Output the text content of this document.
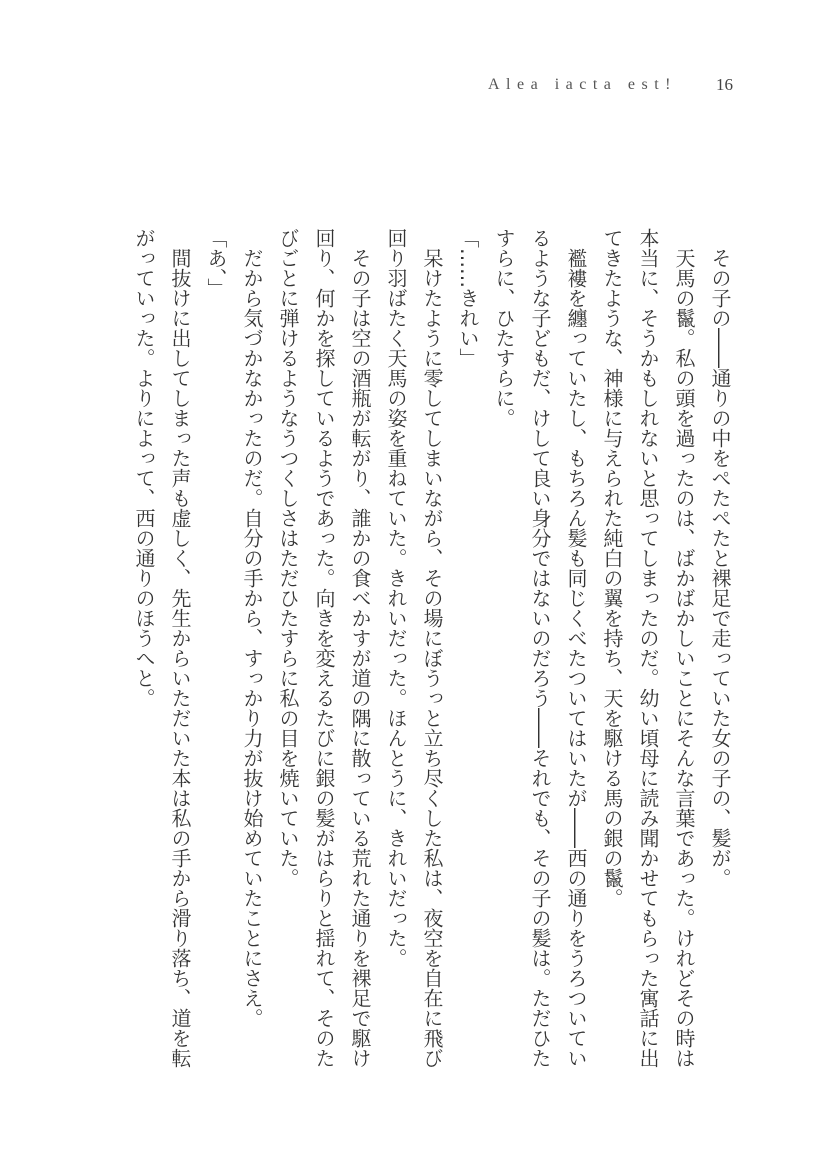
Alea iacta est! 16
その子の――通りの中をぺたぺたと裸足で走っていた女の子の、髪が。
天馬の鬣。私の頭を過ったのは、ばかばかしいことにそんな言葉であった。けれどその時は
本当に、そうかもしれないと思ってしまったのだ。幼い頃母に読み聞かせてもらった寓話に出
てきたような、神様に与えられた純白の翼を持ち、天を駆ける馬の銀の鬣。
襤褸を纏っていたし、もちろん髪も同じくべたついてはいたが――西の通りをうろついてい
るような子どもだ、けして良い身分ではないのだろう――それでも、その子の髪は。ただひた
すらに、ひたすらに。
「……きれい」
呆けたように零してしまいながら、その場にぼうっと立ち尽くした私は、夜空を自在に飛び
回り羽ばたく天馬の姿を重ねていた。きれいだった。ほんとうに、きれいだった。
その子は空の酒瓶が転がり、誰かの食べかすが道の隅に散っている荒れた通りを裸足で駆け
回り、何かを探しているようであった。向きを変えるたびに銀の髪がはらりと揺れて、そのた
びごとに弾けるようなうつくしさはただひたすらに私の目を焼いていた。
だから気づかなかったのだ。自分の手から、すっかり力が抜け始めていたことにさえ。
「あ、」
間抜けに出してしまった声も虚しく、先生からいただいた本は私の手から滑り落ち、道を転
がっていった。よりによって、西の通りのほうへと。
